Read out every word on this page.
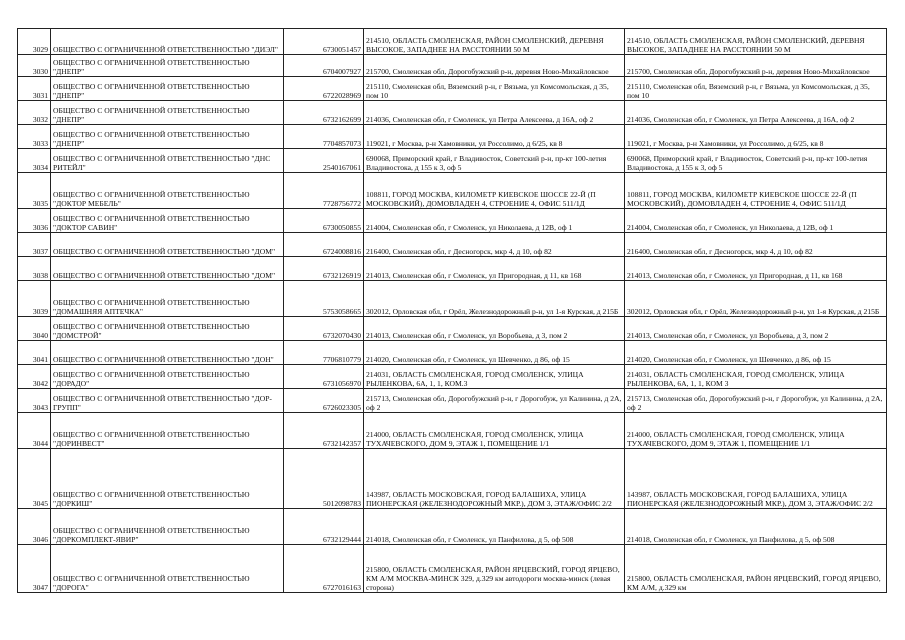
3029	ОБЩЕСТВО С ОГРАНИЧЕННОЙ ОТВЕТСТВЕННОСТЬЮ "ДИЭЛ"	6730051457	214510, ОБЛАСТЬ СМОЛЕНСКАЯ, РАЙОН СМОЛЕНСКИЙ, ДЕРЕВНЯ ВЫСОКОЕ, ЗАПАДНЕЕ НА РАССТОЯНИИ 50 М	214510, ОБЛАСТЬ СМОЛЕНСКАЯ, РАЙОН СМОЛЕНСКИЙ, ДЕРЕВНЯ ВЫСОКОЕ, ЗАПАДНЕЕ НА РАССТОЯНИИ 50 М
3030	ОБЩЕСТВО С ОГРАНИЧЕННОЙ ОТВЕТСТВЕННОСТЬЮ "ДНЕПР"	6704007927	215700, Смоленская обл, Дорогобужский р-н, деревня Ново-Михайловское	215700, Смоленская обл, Дорогобужский р-н, деревня Ново-Михайловское
3031	ОБЩЕСТВО С ОГРАНИЧЕННОЙ ОТВЕТСТВЕННОСТЬЮ "ДНЕПР"	6722028969	215110, Смоленская обл, Вяземский р-н, г Вязьма, ул Комсомольская, д 35, пом 10	215110, Смоленская обл, Вяземский р-н, г Вязьма, ул Комсомольская, д 35, пом 10
3032	ОБЩЕСТВО С ОГРАНИЧЕННОЙ ОТВЕТСТВЕННОСТЬЮ "ДНЕПР"	6732162699	214036, Смоленская обл, г Смоленск, ул Петра Алексеева, д 16А, оф 2	214036, Смоленская обл, г Смоленск, ул Петра Алексеева, д 16А, оф 2
3033	ОБЩЕСТВО С ОГРАНИЧЕННОЙ ОТВЕТСТВЕННОСТЬЮ "ДНЕПР"	7704857073	119021, г Москва, р-н Хамовники, ул Россолимо, д 6/25, кв 8	119021, г Москва, р-н Хамовники, ул Россолимо, д 6/25, кв 8
3034	ОБЩЕСТВО С ОГРАНИЧЕННОЙ ОТВЕТСТВЕННОСТЬЮ "ДНС РИТЕЙЛ"	2540167061	690068, Приморский край, г Владивосток, Советский р-н, пр-кт 100-летия Владивостока, д 155 к 3, оф 5	690068, Приморский край, г Владивосток, Советский р-н, пр-кт 100-летия Владивостока, д 155 к 3, оф 5
3035	ОБЩЕСТВО С ОГРАНИЧЕННОЙ ОТВЕТСТВЕННОСТЬЮ "ДОКТОР МЕБЕЛЬ"	7728756772	108811, ГОРОД МОСКВА, КИЛОМЕТР КИЕВСКОЕ ШОССЕ 22-Й (П МОСКОВСКИЙ), ДОМОВЛАДЕН 4, СТРОЕНИЕ 4, ОФИС 511/1Д	108811, ГОРОД МОСКВА, КИЛОМЕТР КИЕВСКОЕ ШОССЕ 22-Й (П МОСКОВСКИЙ), ДОМОВЛАДЕН 4, СТРОЕНИЕ 4, ОФИС 511/1Д
3036	ОБЩЕСТВО С ОГРАНИЧЕННОЙ ОТВЕТСТВЕННОСТЬЮ "ДОКТОР САВИН"	6730050855	214004, Смоленская обл, г Смоленск, ул Николаева, д 12В, оф 1	214004, Смоленская обл, г Смоленск, ул Николаева, д 12В, оф 1
3037	ОБЩЕСТВО С ОГРАНИЧЕННОЙ ОТВЕТСТВЕННОСТЬЮ "ДОМ"	6724008816	216400, Смоленская обл, г Десногорск, мкр 4, д 10, оф 82	216400, Смоленская обл, г Десногорск, мкр 4, д 10, оф 82
3038	ОБЩЕСТВО С ОГРАНИЧЕННОЙ ОТВЕТСТВЕННОСТЬЮ "ДОМ"	6732126919	214013, Смоленская обл, г Смоленск, ул Пригородная, д 11, кв 168	214013, Смоленская обл, г Смоленск, ул Пригородная, д 11, кв 168
3039	ОБЩЕСТВО С ОГРАНИЧЕННОЙ ОТВЕТСТВЕННОСТЬЮ "ДОМАШНЯЯ АПТЕЧКА"	5753058665	302012, Орловская обл, г Орёл, Железнодорожный р-н, ул 1-я Курская, д 215Б	302012, Орловская обл, г Орёл, Железнодорожный р-н, ул 1-я Курская, д 215Б
3040	ОБЩЕСТВО С ОГРАНИЧЕННОЙ ОТВЕТСТВЕННОСТЬЮ "ДОМСТРОЙ"	6732070430	214013, Смоленская обл, г Смоленск, ул Воробьева, д 3, пом 2	214013, Смоленская обл, г Смоленск, ул Воробьева, д 3, пом 2
3041	ОБЩЕСТВО С ОГРАНИЧЕННОЙ ОТВЕТСТВЕННОСТЬЮ "ДОН"	7706810779	214020, Смоленская обл, г Смоленск, ул Шевченко, д 86, оф 15	214020, Смоленская обл, г Смоленск, ул Шевченко, д 86, оф 15
3042	ОБЩЕСТВО С ОГРАНИЧЕННОЙ ОТВЕТСТВЕННОСТЬЮ "ДОРАДО"	6731056970	214031, ОБЛАСТЬ СМОЛЕНСКАЯ, ГОРОД СМОЛЕНСК, УЛИЦА РЫЛЕНКОВА, 6А, 1, 1, КОМ.3	214031, ОБЛАСТЬ СМОЛЕНСКАЯ, ГОРОД СМОЛЕНСК, УЛИЦА РЫЛЕНКОВА, 6А, 1, 1, КОМ 3
3043	ОБЩЕСТВО С ОГРАНИЧЕННОЙ ОТВЕТСТВЕННОСТЬЮ "ДОР-ГРУПП"	6726023305	215713, Смоленская обл, Дорогобужский р-н, г Дорогобуж, ул Калинина, д 2А, оф 2	215713, Смоленская обл, Дорогобужский р-н, г Дорогобуж, ул Калинина, д 2А, оф 2
3044	ОБЩЕСТВО С ОГРАНИЧЕННОЙ ОТВЕТСТВЕННОСТЬЮ "ДОРИНВЕСТ"	6732142357	214000, ОБЛАСТЬ СМОЛЕНСКАЯ, ГОРОД СМОЛЕНСК, УЛИЦА ТУХАЧЕВСКОГО, ДОМ 9, ЭТАЖ 1, ПОМЕЩЕНИЕ 1/1	214000, ОБЛАСТЬ СМОЛЕНСКАЯ, ГОРОД СМОЛЕНСК, УЛИЦА ТУХАЧЕВСКОГО, ДОМ 9, ЭТАЖ 1, ПОМЕЩЕНИЕ 1/1
3045	ОБЩЕСТВО С ОГРАНИЧЕННОЙ ОТВЕТСТВЕННОСТЬЮ "ДОРКИШ"	5012098783	143987, ОБЛАСТЬ МОСКОВСКАЯ, ГОРОД БАЛАШИХА, УЛИЦА ПИОНЕРСКАЯ (ЖЕЛЕЗНОДОРОЖНЫЙ МКР.), ДОМ 3, ЭТАЖ/ОФИС 2/2	143987, ОБЛАСТЬ МОСКОВСКАЯ, ГОРОД БАЛАШИХА, УЛИЦА ПИОНЕРСКАЯ (ЖЕЛЕЗНОДОРОЖНЫЙ МКР.), ДОМ 3, ЭТАЖ/ОФИС 2/2
3046	ОБЩЕСТВО С ОГРАНИЧЕННОЙ ОТВЕТСТВЕННОСТЬЮ "ДОРКОМПЛЕКТ-ЯВИР"	6732129444	214018, Смоленская обл, г Смоленск, ул Панфилова, д 5, оф 508	214018, Смоленская обл, г Смоленск, ул Панфилова, д 5, оф 508
3047	ОБЩЕСТВО С ОГРАНИЧЕННОЙ ОТВЕТСТВЕННОСТЬЮ "ДОРОГА"	6727016163	215800, ОБЛАСТЬ СМОЛЕНСКАЯ, РАЙОН ЯРЦЕВСКИЙ, ГОРОД ЯРЦЕВО, КМ А/М МОСКВА-МИНСК 329, д.329 км автодороги москва-минск (левая сторона)	215800, ОБЛАСТЬ СМОЛЕНСКАЯ, РАЙОН ЯРЦЕВСКИЙ, ГОРОД ЯРЦЕВО, КМ А/М, д.329 км
